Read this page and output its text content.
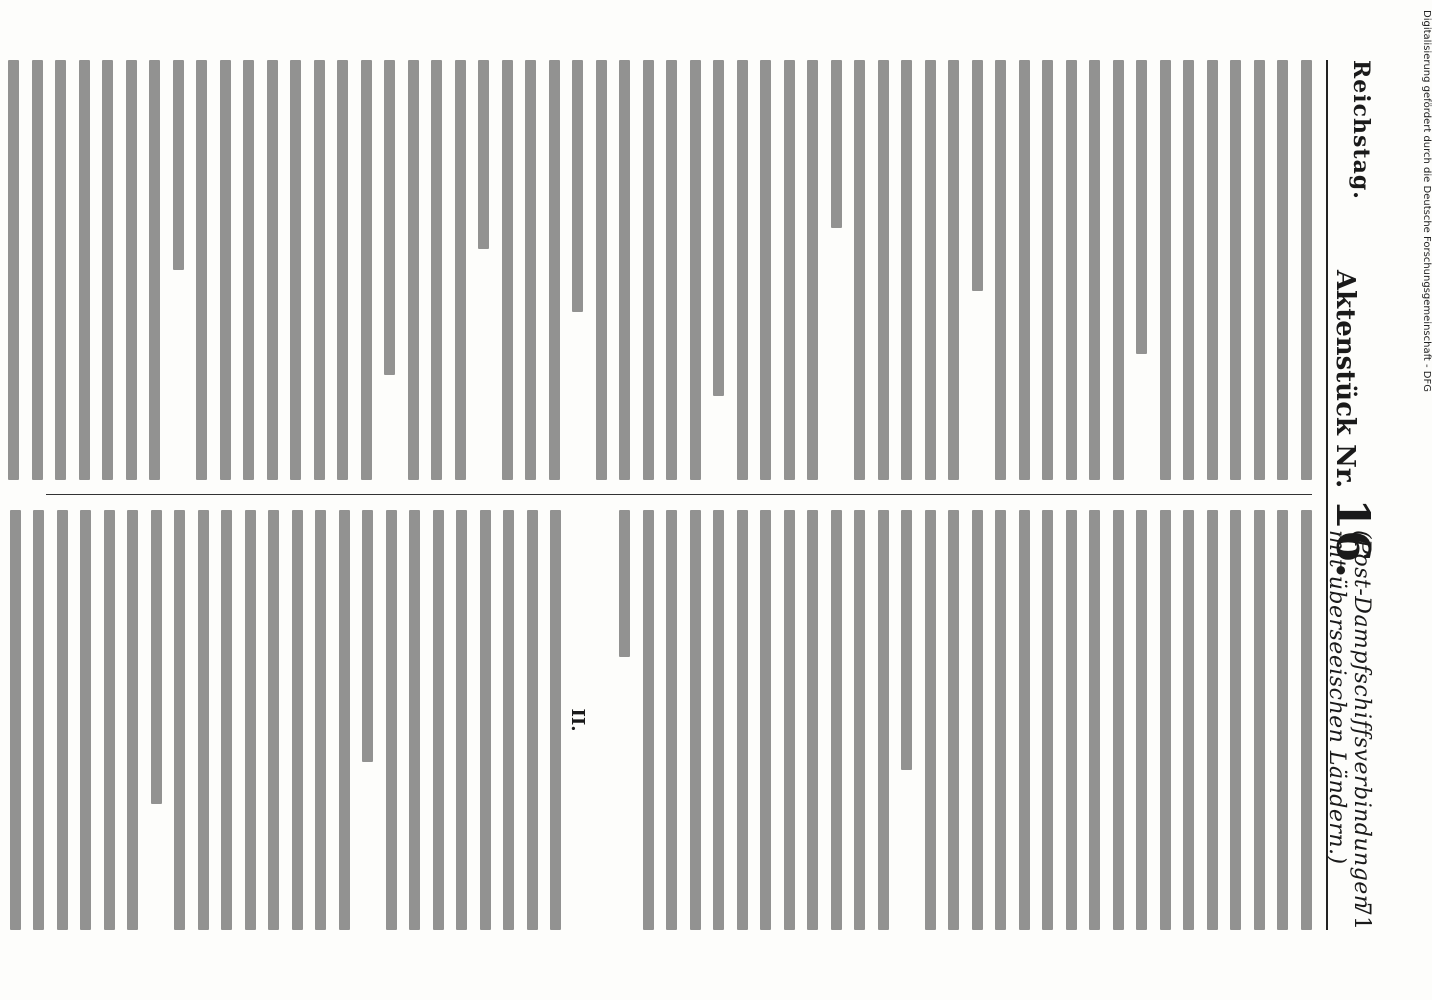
Reichstag.
Aktenstück Nr.16.
(Post-Dampfschiffsverbindungen mit überseeischen Ländern.)
71
II.
Digitalisierung gefördert durch die Deutsche Forschungsgemeinschaft - DFG
